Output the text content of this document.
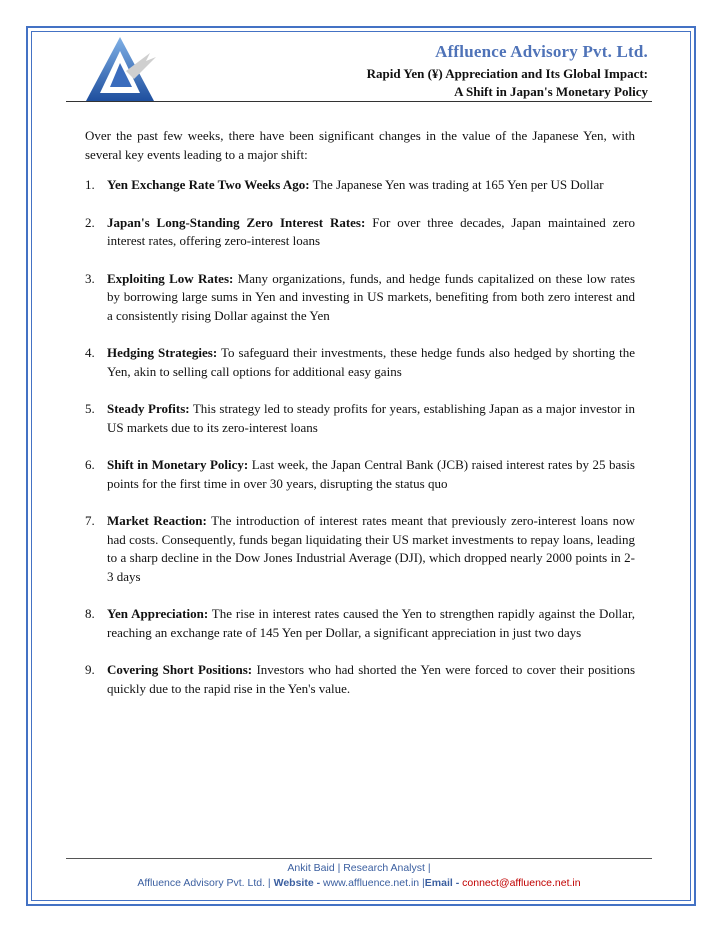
Affluence Advisory Pvt. Ltd.
Rapid Yen (¥) Appreciation and Its Global Impact:
A Shift in Japan's Monetary Policy

Over the past few weeks, there have been significant changes in the value of the Japanese Yen, with several key events leading to a major shift:

1. Yen Exchange Rate Two Weeks Ago: The Japanese Yen was trading at 165 Yen per US Dollar
2. Japan's Long-Standing Zero Interest Rates: For over three decades, Japan maintained zero interest rates, offering zero-interest loans
3. Exploiting Low Rates: Many organizations, funds, and hedge funds capitalized on these low rates by borrowing large sums in Yen and investing in US markets, benefiting from both zero interest and a consistently rising Dollar against the Yen
4. Hedging Strategies: To safeguard their investments, these hedge funds also hedged by shorting the Yen, akin to selling call options for additional easy gains
5. Steady Profits: This strategy led to steady profits for years, establishing Japan as a major investor in US markets due to its zero-interest loans
6. Shift in Monetary Policy: Last week, the Japan Central Bank (JCB) raised interest rates by 25 basis points for the first time in over 30 years, disrupting the status quo
7. Market Reaction: The introduction of interest rates meant that previously zero-interest loans now had costs. Consequently, funds began liquidating their US market investments to repay loans, leading to a sharp decline in the Dow Jones Industrial Average (DJI), which dropped nearly 2000 points in 2-3 days
8. Yen Appreciation: The rise in interest rates caused the Yen to strengthen rapidly against the Dollar, reaching an exchange rate of 145 Yen per Dollar, a significant appreciation in just two days
9. Covering Short Positions: Investors who had shorted the Yen were forced to cover their positions quickly due to the rapid rise in the Yen's value.
Ankit Baid | Research Analyst |
Affluence Advisory Pvt. Ltd. | Website - www.affluence.net.in |Email - connect@affluence.net.in
